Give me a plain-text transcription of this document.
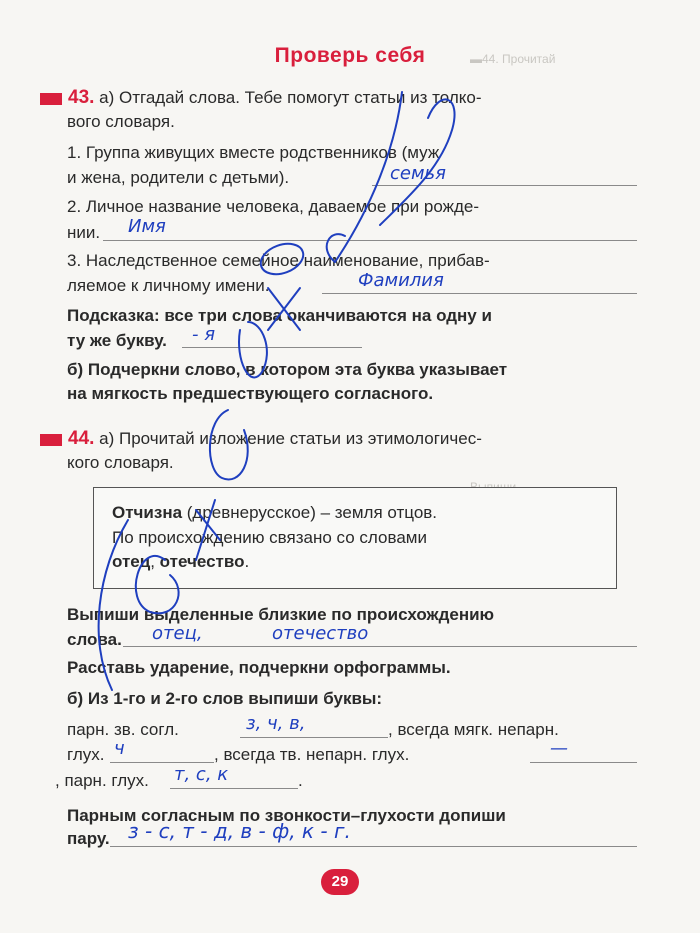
▬44. Прочитай
Проверь себя
43. а) Отгадай слова. Тебе помогут статьи из толко-
вого словаря.
1. Группа живущих вместе родственников (муж
и жена, родители с детьми).	семья
2. Личное название человека, даваемое при рожде-
нии. Имя
3. Наследственное семейное наименование, прибав-
ляемое к личному имени.	Фамилия
Подсказка: все три слова оканчиваются на одну и
ту же букву. - я
б) Подчеркни слово, в котором эта буква указывает
на мягкость предшествующего согласного.
44. а) Прочитай изложение статьи из этимологичес-
кого словаря.
Отчизна (древнерусское) – земля отцов.
По происхождению связано со словами
отец, отечество.
Выпиши выделенные близкие по происхождению
слова. отец,	отечество
Расставь ударение, подчеркни орфограммы.
б) Из 1-го и 2-го слов выпиши буквы:
парн. зв. согл.	з, ч, в,	, всегда мягк. непарн.
глух. ч	, всегда тв. непарн. глух.	—
, парн. глух. т, с, к	.
Парным согласным по звонкости–глухости допиши
пару. з - с, т - д, в - ф, к - г.
29
